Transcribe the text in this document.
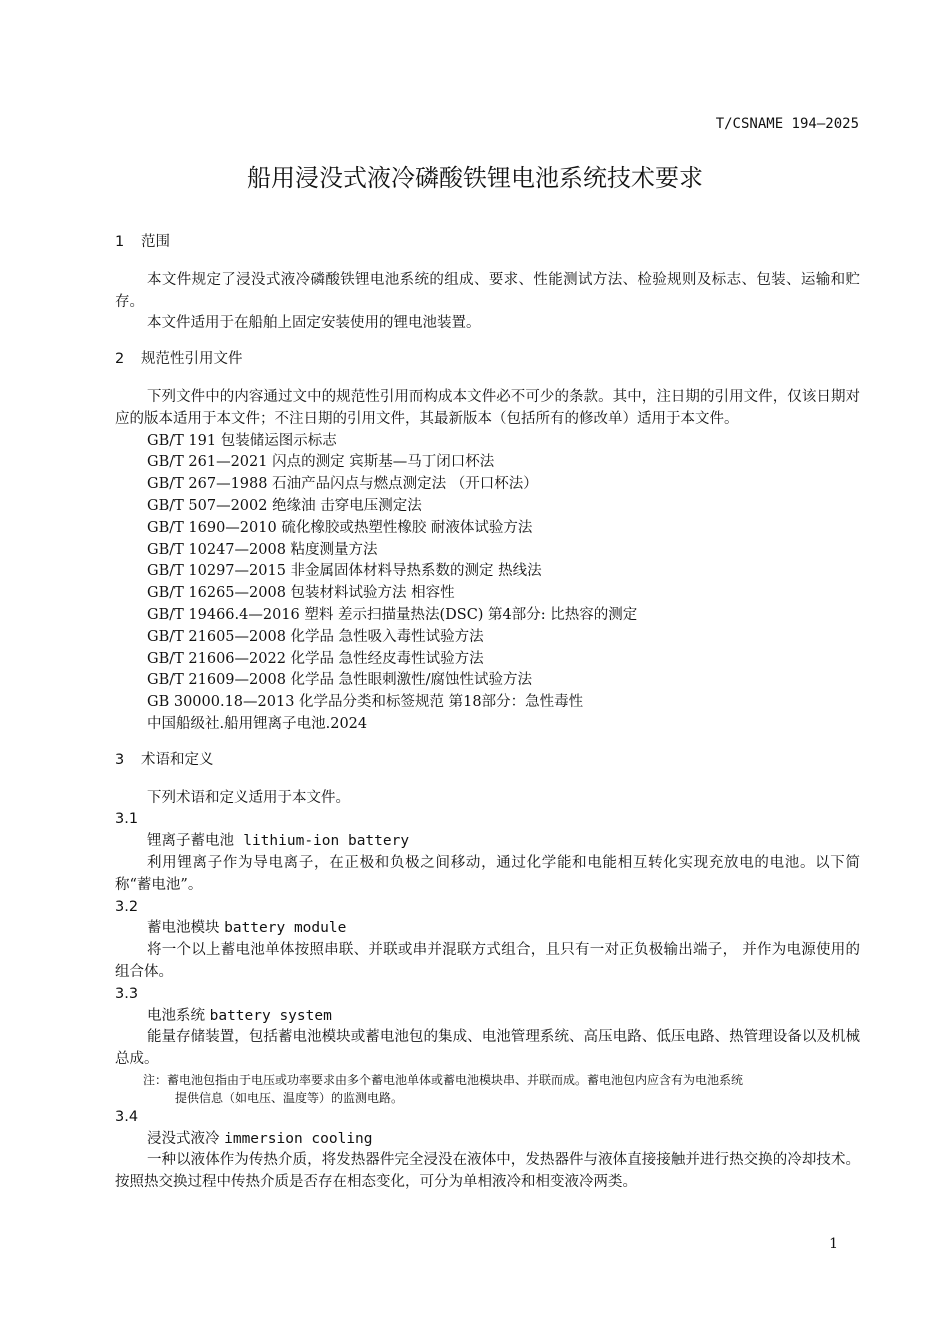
T/CSNAME 194—2025
船用浸没式液冷磷酸铁锂电池系统技术要求
1 范围

本文件规定了浸没式液冷磷酸铁锂电池系统的组成、要求、性能测试方法、检验规则及标志、包装、运输和贮存。

本文件适用于在船舶上固定安装使用的锂电池装置。

2 规范性引用文件

下列文件中的内容通过文中的规范性引用而构成本文件必不可少的条款。其中，注日期的引用文件，仅该日期对应的版本适用于本文件；不注日期的引用文件，其最新版本（包括所有的修改单）适用于本文件。

GB/T 191 包装储运图示标志

GB/T 261—2021 闪点的测定 宾斯基—马丁闭口杯法

GB/T 267—1988 石油产品闪点与燃点测定法 （开口杯法）

GB/T 507—2002 绝缘油 击穿电压测定法

GB/T 1690—2010 硫化橡胶或热塑性橡胶 耐液体试验方法

GB/T 10247—2008 粘度测量方法

GB/T 10297—2015 非金属固体材料导热系数的测定 热线法

GB/T 16265—2008 包装材料试验方法 相容性

GB/T 19466.4—2016 塑料 差示扫描量热法(DSC) 第4部分: 比热容的测定

GB/T 21605—2008 化学品 急性吸入毒性试验方法

GB/T 21606—2022 化学品 急性经皮毒性试验方法

GB/T 21609—2008 化学品 急性眼刺激性/腐蚀性试验方法

GB 30000.18—2013 化学品分类和标签规范 第18部分：急性毒性

中国船级社.船用锂离子电池.2024

3 术语和定义

下列术语和定义适用于本文件。

3.1

锂离子蓄电池 lithium-ion battery

利用锂离子作为导电离子，在正极和负极之间移动，通过化学能和电能相互转化实现充放电的电池。以下简称“蓄电池”。

3.2

蓄电池模块 battery module

将一个以上蓄电池单体按照串联、并联或串并混联方式组合，且只有一对正负极输出端子， 并作为电源使用的组合体。

3.3

电池系统 battery system

能量存储装置，包括蓄电池模块或蓄电池包的集成、电池管理系统、高压电路、低压电路、热管理设备以及机械总成。

注：蓄电池包指由于电压或功率要求由多个蓄电池单体或蓄电池模块串、并联而成。蓄电池包内应含有为电池系统
提供信息（如电压、温度等）的监测电路。

3.4

浸没式液冷 immersion cooling

一种以液体作为传热介质，将发热器件完全浸没在液体中，发热器件与液体直接接触并进行热交换的冷却技术。按照热交换过程中传热介质是否存在相态变化，可分为单相液冷和相变液冷两类。

1
